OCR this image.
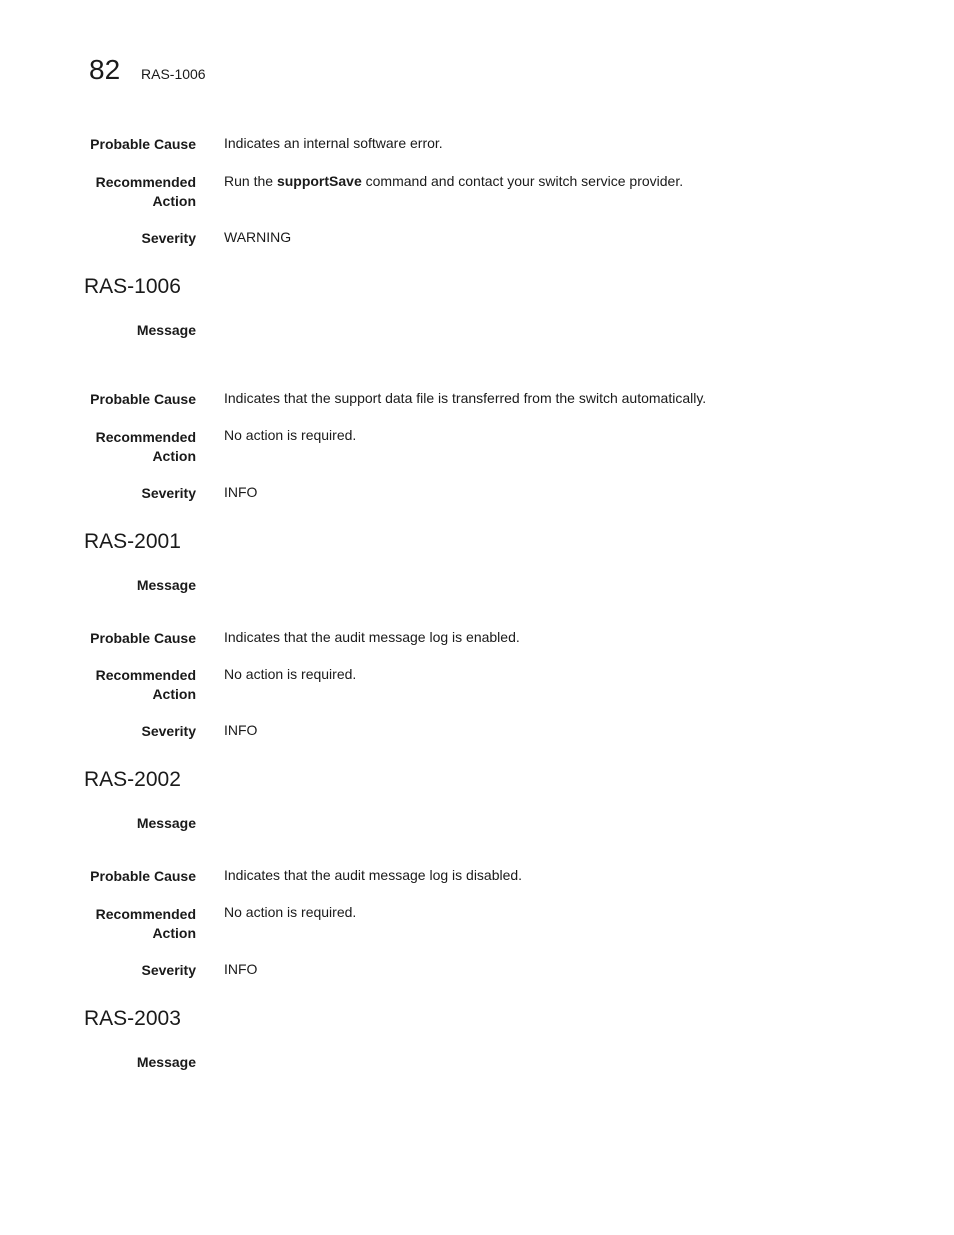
82 RAS-1006
Probable Cause Indicates an internal software error.
Recommended
Action
Run the supportSave command and contact your switch service provider.
Severity WARNING
RAS-1006
Message
Probable Cause Indicates that the support data file is transferred from the switch automatically.
Recommended
Action
No action is required.
Severity INFO
RAS-2001
Message
Probable Cause Indicates that the audit message log is enabled.
Recommended
Action
No action is required.
Severity INFO
RAS-2002
Message
Probable Cause Indicates that the audit message log is disabled.
Recommended
Action
No action is required.
Severity INFO
RAS-2003
Message
